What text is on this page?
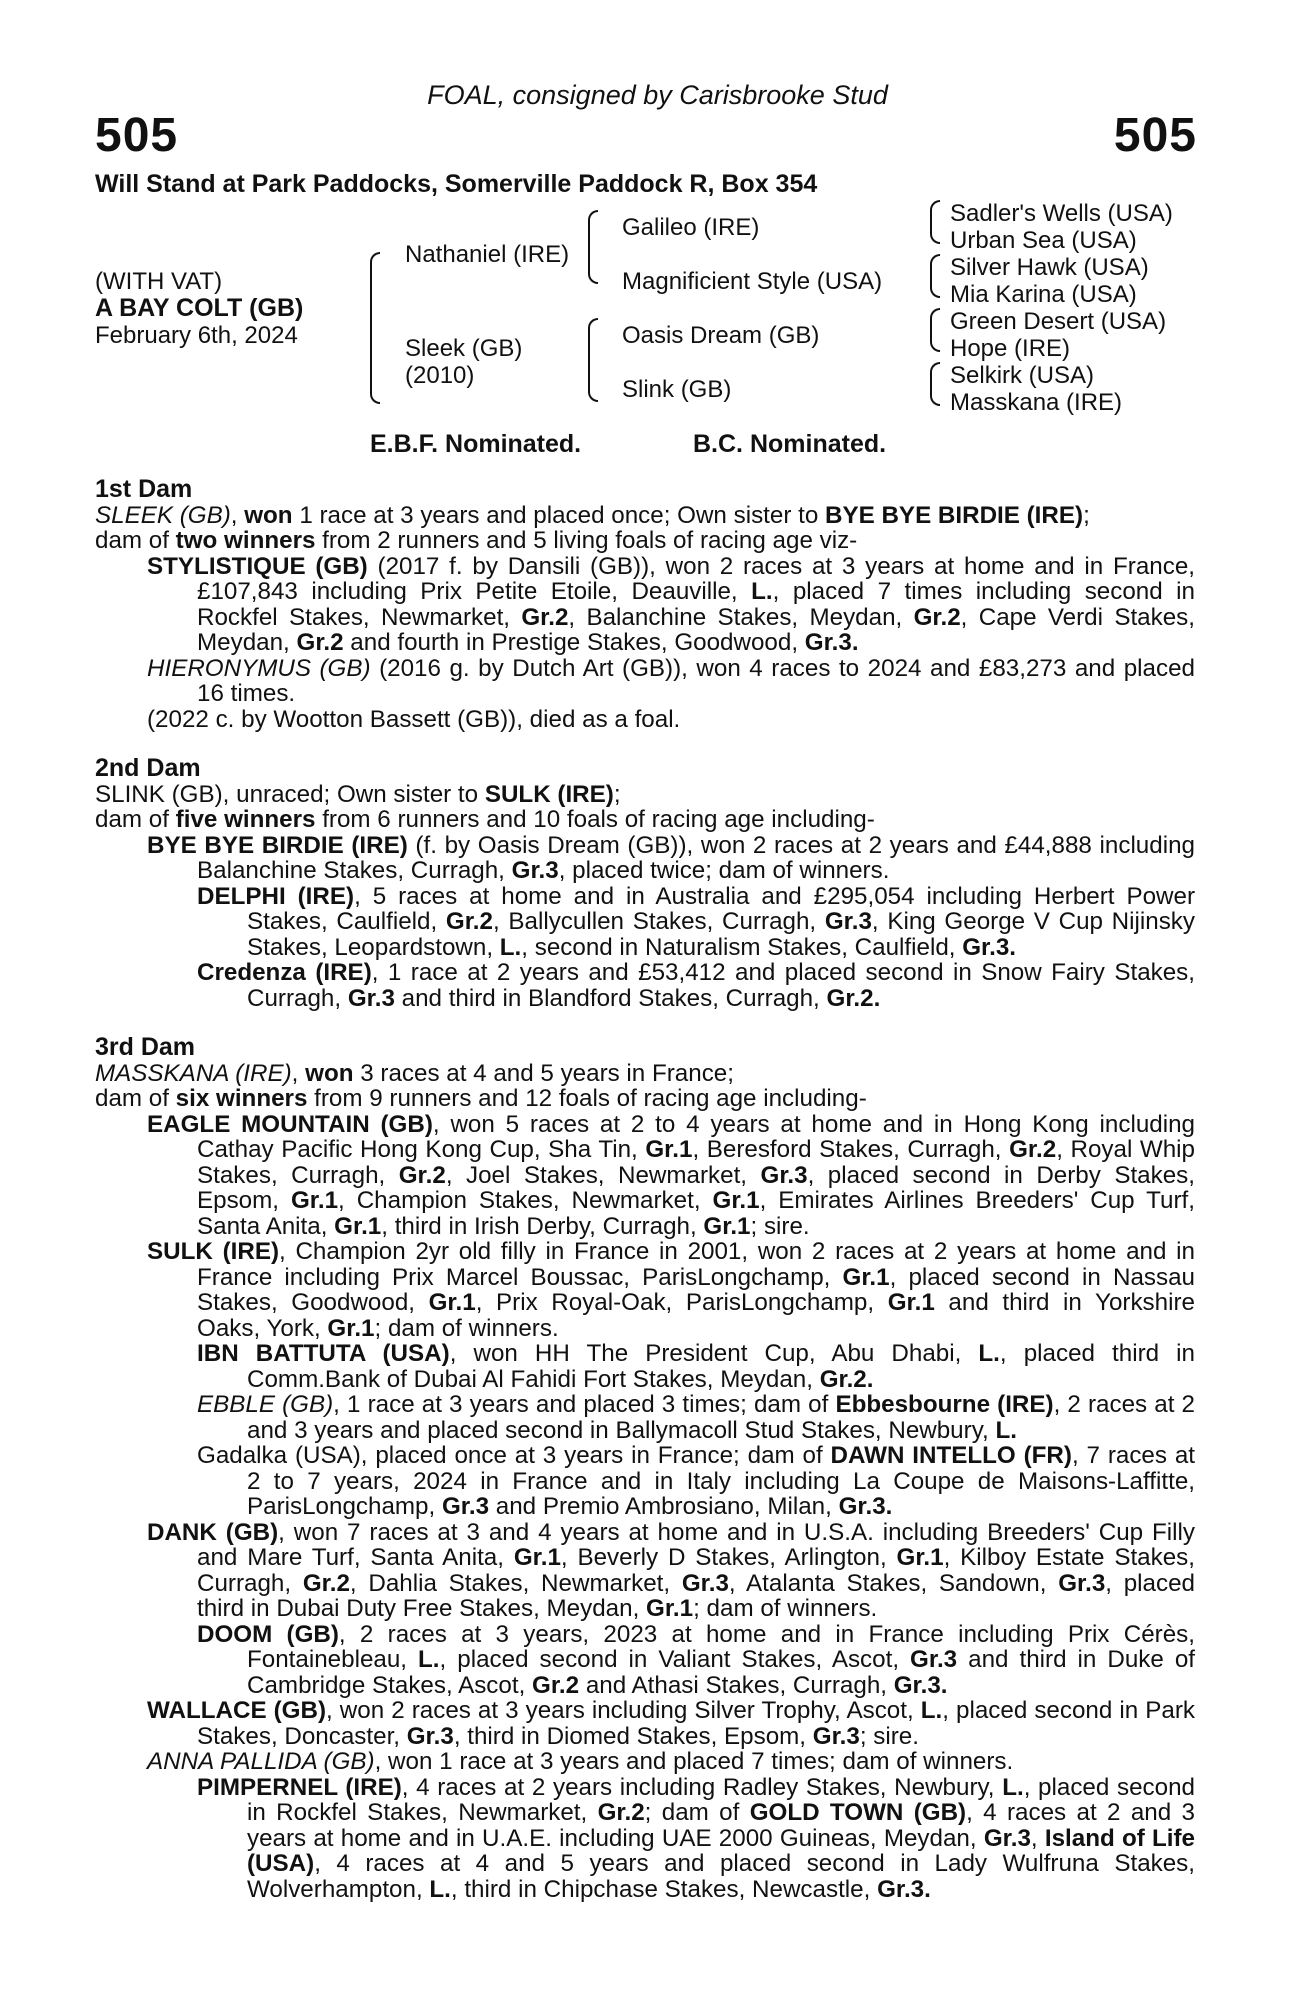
FOAL, consigned by Carisbrooke Stud
505	505
Will Stand at Park Paddocks, Somerville Paddock R, Box 354
(WITH VAT)
A BAY COLT (GB)
February 6th, 2024
Nathaniel (IRE)
Sleek (GB)
(2010)
Galileo (IRE)
Magnificient Style (USA)
Oasis Dream (GB)
Slink (GB)
Sadler's Wells (USA)
Urban Sea (USA)
Silver Hawk (USA)
Mia Karina (USA)
Green Desert (USA)
Hope (IRE)
Selkirk (USA)
Masskana (IRE)
E.B.F. Nominated.	B.C. Nominated.

1st Dam

SLEEK (GB), won 1 race at 3 years and placed once; Own sister to BYE BYE BIRDIE (IRE);

dam of two winners from 2 runners and 5 living foals of racing age viz-

STYLISTIQUE (GB) (2017 f. by Dansili (GB)), won 2 races at 3 years at home and in France, £107,843 including Prix Petite Etoile, Deauville, L., placed 7 times including second in Rockfel Stakes, Newmarket, Gr.2, Balanchine Stakes, Meydan, Gr.2, Cape Verdi Stakes, Meydan, Gr.2 and fourth in Prestige Stakes, Goodwood, Gr.3.

HIERONYMUS (GB) (2016 g. by Dutch Art (GB)), won 4 races to 2024 and £83,273 and placed 16 times.

(2022 c. by Wootton Bassett (GB)), died as a foal.

2nd Dam

SLINK (GB), unraced; Own sister to SULK (IRE);

dam of five winners from 6 runners and 10 foals of racing age including-

BYE BYE BIRDIE (IRE) (f. by Oasis Dream (GB)), won 2 races at 2 years and £44,888 including Balanchine Stakes, Curragh, Gr.3, placed twice; dam of winners.

DELPHI (IRE), 5 races at home and in Australia and £295,054 including Herbert Power Stakes, Caulfield, Gr.2, Ballycullen Stakes, Curragh, Gr.3, King George V Cup Nijinsky Stakes, Leopardstown, L., second in Naturalism Stakes, Caulfield, Gr.3.

Credenza (IRE), 1 race at 2 years and £53,412 and placed second in Snow Fairy Stakes, Curragh, Gr.3 and third in Blandford Stakes, Curragh, Gr.2.

3rd Dam

MASSKANA (IRE), won 3 races at 4 and 5 years in France;

dam of six winners from 9 runners and 12 foals of racing age including-

EAGLE MOUNTAIN (GB), won 5 races at 2 to 4 years at home and in Hong Kong including Cathay Pacific Hong Kong Cup, Sha Tin, Gr.1, Beresford Stakes, Curragh, Gr.2, Royal Whip Stakes, Curragh, Gr.2, Joel Stakes, Newmarket, Gr.3, placed second in Derby Stakes, Epsom, Gr.1, Champion Stakes, Newmarket, Gr.1, Emirates Airlines Breeders' Cup Turf, Santa Anita, Gr.1, third in Irish Derby, Curragh, Gr.1; sire.

SULK (IRE), Champion 2yr old filly in France in 2001, won 2 races at 2 years at home and in France including Prix Marcel Boussac, ParisLongchamp, Gr.1, placed second in Nassau Stakes, Goodwood, Gr.1, Prix Royal-Oak, ParisLongchamp, Gr.1 and third in Yorkshire Oaks, York, Gr.1; dam of winners.

IBN BATTUTA (USA), won HH The President Cup, Abu Dhabi, L., placed third in Comm.Bank of Dubai Al Fahidi Fort Stakes, Meydan, Gr.2.

EBBLE (GB), 1 race at 3 years and placed 3 times; dam of Ebbesbourne (IRE), 2 races at 2 and 3 years and placed second in Ballymacoll Stud Stakes, Newbury, L.

Gadalka (USA), placed once at 3 years in France; dam of DAWN INTELLO (FR), 7 races at 2 to 7 years, 2024 in France and in Italy including La Coupe de Maisons-Laffitte, ParisLongchamp, Gr.3 and Premio Ambrosiano, Milan, Gr.3.

DANK (GB), won 7 races at 3 and 4 years at home and in U.S.A. including Breeders' Cup Filly and Mare Turf, Santa Anita, Gr.1, Beverly D Stakes, Arlington, Gr.1, Kilboy Estate Stakes, Curragh, Gr.2, Dahlia Stakes, Newmarket, Gr.3, Atalanta Stakes, Sandown, Gr.3, placed third in Dubai Duty Free Stakes, Meydan, Gr.1; dam of winners.

DOOM (GB), 2 races at 3 years, 2023 at home and in France including Prix Cérès, Fontainebleau, L., placed second in Valiant Stakes, Ascot, Gr.3 and third in Duke of Cambridge Stakes, Ascot, Gr.2 and Athasi Stakes, Curragh, Gr.3.

WALLACE (GB), won 2 races at 3 years including Silver Trophy, Ascot, L., placed second in Park Stakes, Doncaster, Gr.3, third in Diomed Stakes, Epsom, Gr.3; sire.

ANNA PALLIDA (GB), won 1 race at 3 years and placed 7 times; dam of winners.

PIMPERNEL (IRE), 4 races at 2 years including Radley Stakes, Newbury, L., placed second in Rockfel Stakes, Newmarket, Gr.2; dam of GOLD TOWN (GB), 4 races at 2 and 3 years at home and in U.A.E. including UAE 2000 Guineas, Meydan, Gr.3, Island of Life (USA), 4 races at 4 and 5 years and placed second in Lady Wulfruna Stakes, Wolverhampton, L., third in Chipchase Stakes, Newcastle, Gr.3.
